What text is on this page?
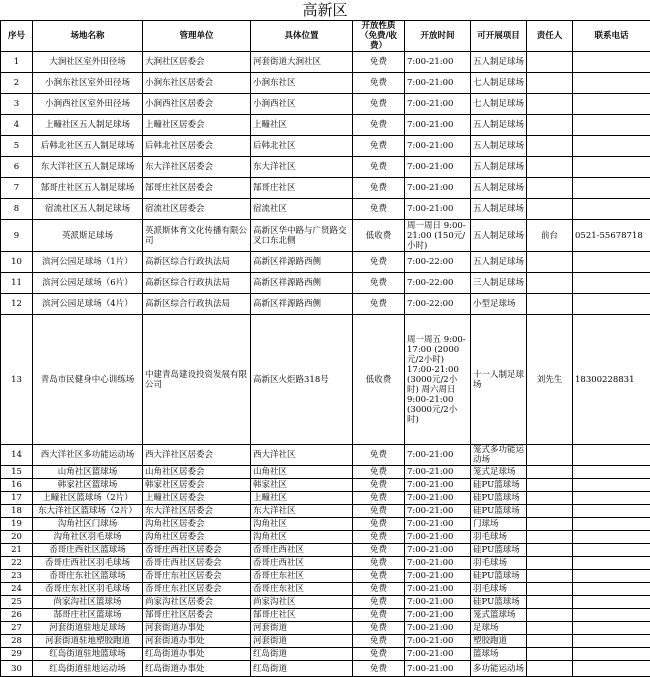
高新区
序号	场地名称	管理单位	具体位置	开放性质（免费/收费）	开放时间	可开展项目	责任人	联系电话
1	大涧社区室外田径场	大涧社区居委会	河套街道大涧社区	免费	7:00-21:00	五人制足球场		
2	小涧东社区室外田径场	小涧东社区居委会	小涧东社区	免费	7:00-21:00	七人制足球场		
3	小涧西社区室外田径场	小涧西社区居委会	小涧西社区	免费	7:00-21:00	七人制足球场		
4	上疃社区五人制足球场	上疃社区居委会	上疃社区	免费	7:00-21:00	五人制足球场		
5	后韩北社区五人制足球场	后韩北社区居委会	后韩北社区	免费	7:00-21:00	五人制足球场		
6	东大洋社区五人制足球场	东大洋社区居委会	东大洋社区	免费	7:00-21:00	五人制足球场		
7	郜哥庄社区五人制足球场	郜哥庄社区居委会	郜哥庄社区	免费	7:00-21:00	五人制足球场		
8	宿流社区五人制足球场	宿流社区居委会	宿流社区	免费	7:00-21:00	五人制足球场		
9	英派斯足球场	英派斯体育文化传播有限公司	高新区华中路与广贤路交叉口东北侧	低收费	周一周日 9:00-21:00 (150元/小时)	五人制足球场	前台	0521-55678718
10	滨河公园足球场（1片）	高新区综合行政执法局	高新区祥源路西侧	免费	7:00-22:00	五人制足球场		
11	滨河公园足球场（6片）	高新区综合行政执法局	高新区祥源路西侧	免费	7:00-22:00	三人制足球场		
12	滨河公园足球场（4片）	高新区综合行政执法局	高新区祥源路西侧	免费	7:00-22:00	小型足球场		
13	青岛市民健身中心训练场	中建青岛建设投资发展有限公司	高新区火炬路318号	低收费	周一周五 9:00-17:00 (2000元/2小时) 17:00-21:00 (3000元/2小时) 周六周日 9:00-21:00 (3000元/2小时)	十一人制足球场	刘先生	18300228831
14	西大洋社区多功能运动场	西大洋社区居委会	西大洋社区	免费	7:00-21:00	笼式多功能运动场		
15	山角社区篮球场	山角社区居委会	山角社区	免费	7:00-21:00	笼式足球场		
16	韩家社区篮球场	韩家社区居委会	韩家社区	免费	7:00-21:00	硅PU篮球场		
17	上疃社区篮球场（2片）	上疃社区居委会	上疃社区	免费	7:00-21:00	硅PU篮球场		
18	东大洋社区篮球场（2片）	东大洋社区居委会	东大洋社区	免费	7:00-21:00	硅PU篮球场		
19	沟角社区门球场	沟角社区居委会	沟角社区	免费	7:00-21:00	门球场		
20	沟角社区羽毛球场	沟角社区居委会	沟角社区	免费	7:00-21:00	羽毛球场		
21	岙哥庄西社区篮球场	岙哥庄西社区居委会	岙哥庄西社区	免费	7:00-21:00	硅PU篮球场		
22	岙哥庄西社区羽毛球场	岙哥庄西社区居委会	岙哥庄西社区	免费	7:00-21:00	羽毛球场		
23	岙哥庄东社区篮球场	岙哥庄东社区居委会	岙哥庄东社区	免费	7:00-21:00	硅PU篮球场		
24	岙哥庄东社区羽毛球场	岙哥庄东社区居委会	岙哥庄东社区	免费	7:00-21:00	羽毛球场		
25	尚家沟社区篮球场	尚家沟社区居委会	尚家沟社区	免费	7:00-21:00	硅PU篮球场		
26	郜哥庄社区篮球场	郜哥庄社区居委会	郜哥庄社区	免费	7:00-21:00	笼式篮球场		
27	河套街道驻地足球场	河套街道办事处	河套街道	免费	7:00-21:00	足球场		
28	河套街道驻地塑胶跑道	河套街道办事处	河套街道	免费	7:00-21:00	塑胶跑道		
29	红岛街道驻地篮球场	红岛街道办事处	红岛街道	免费	7:00-21:00	篮球场		
30	红岛街道驻地运动场	红岛街道办事处	红岛街道	免费	7:00-21:00	多功能运动场		
